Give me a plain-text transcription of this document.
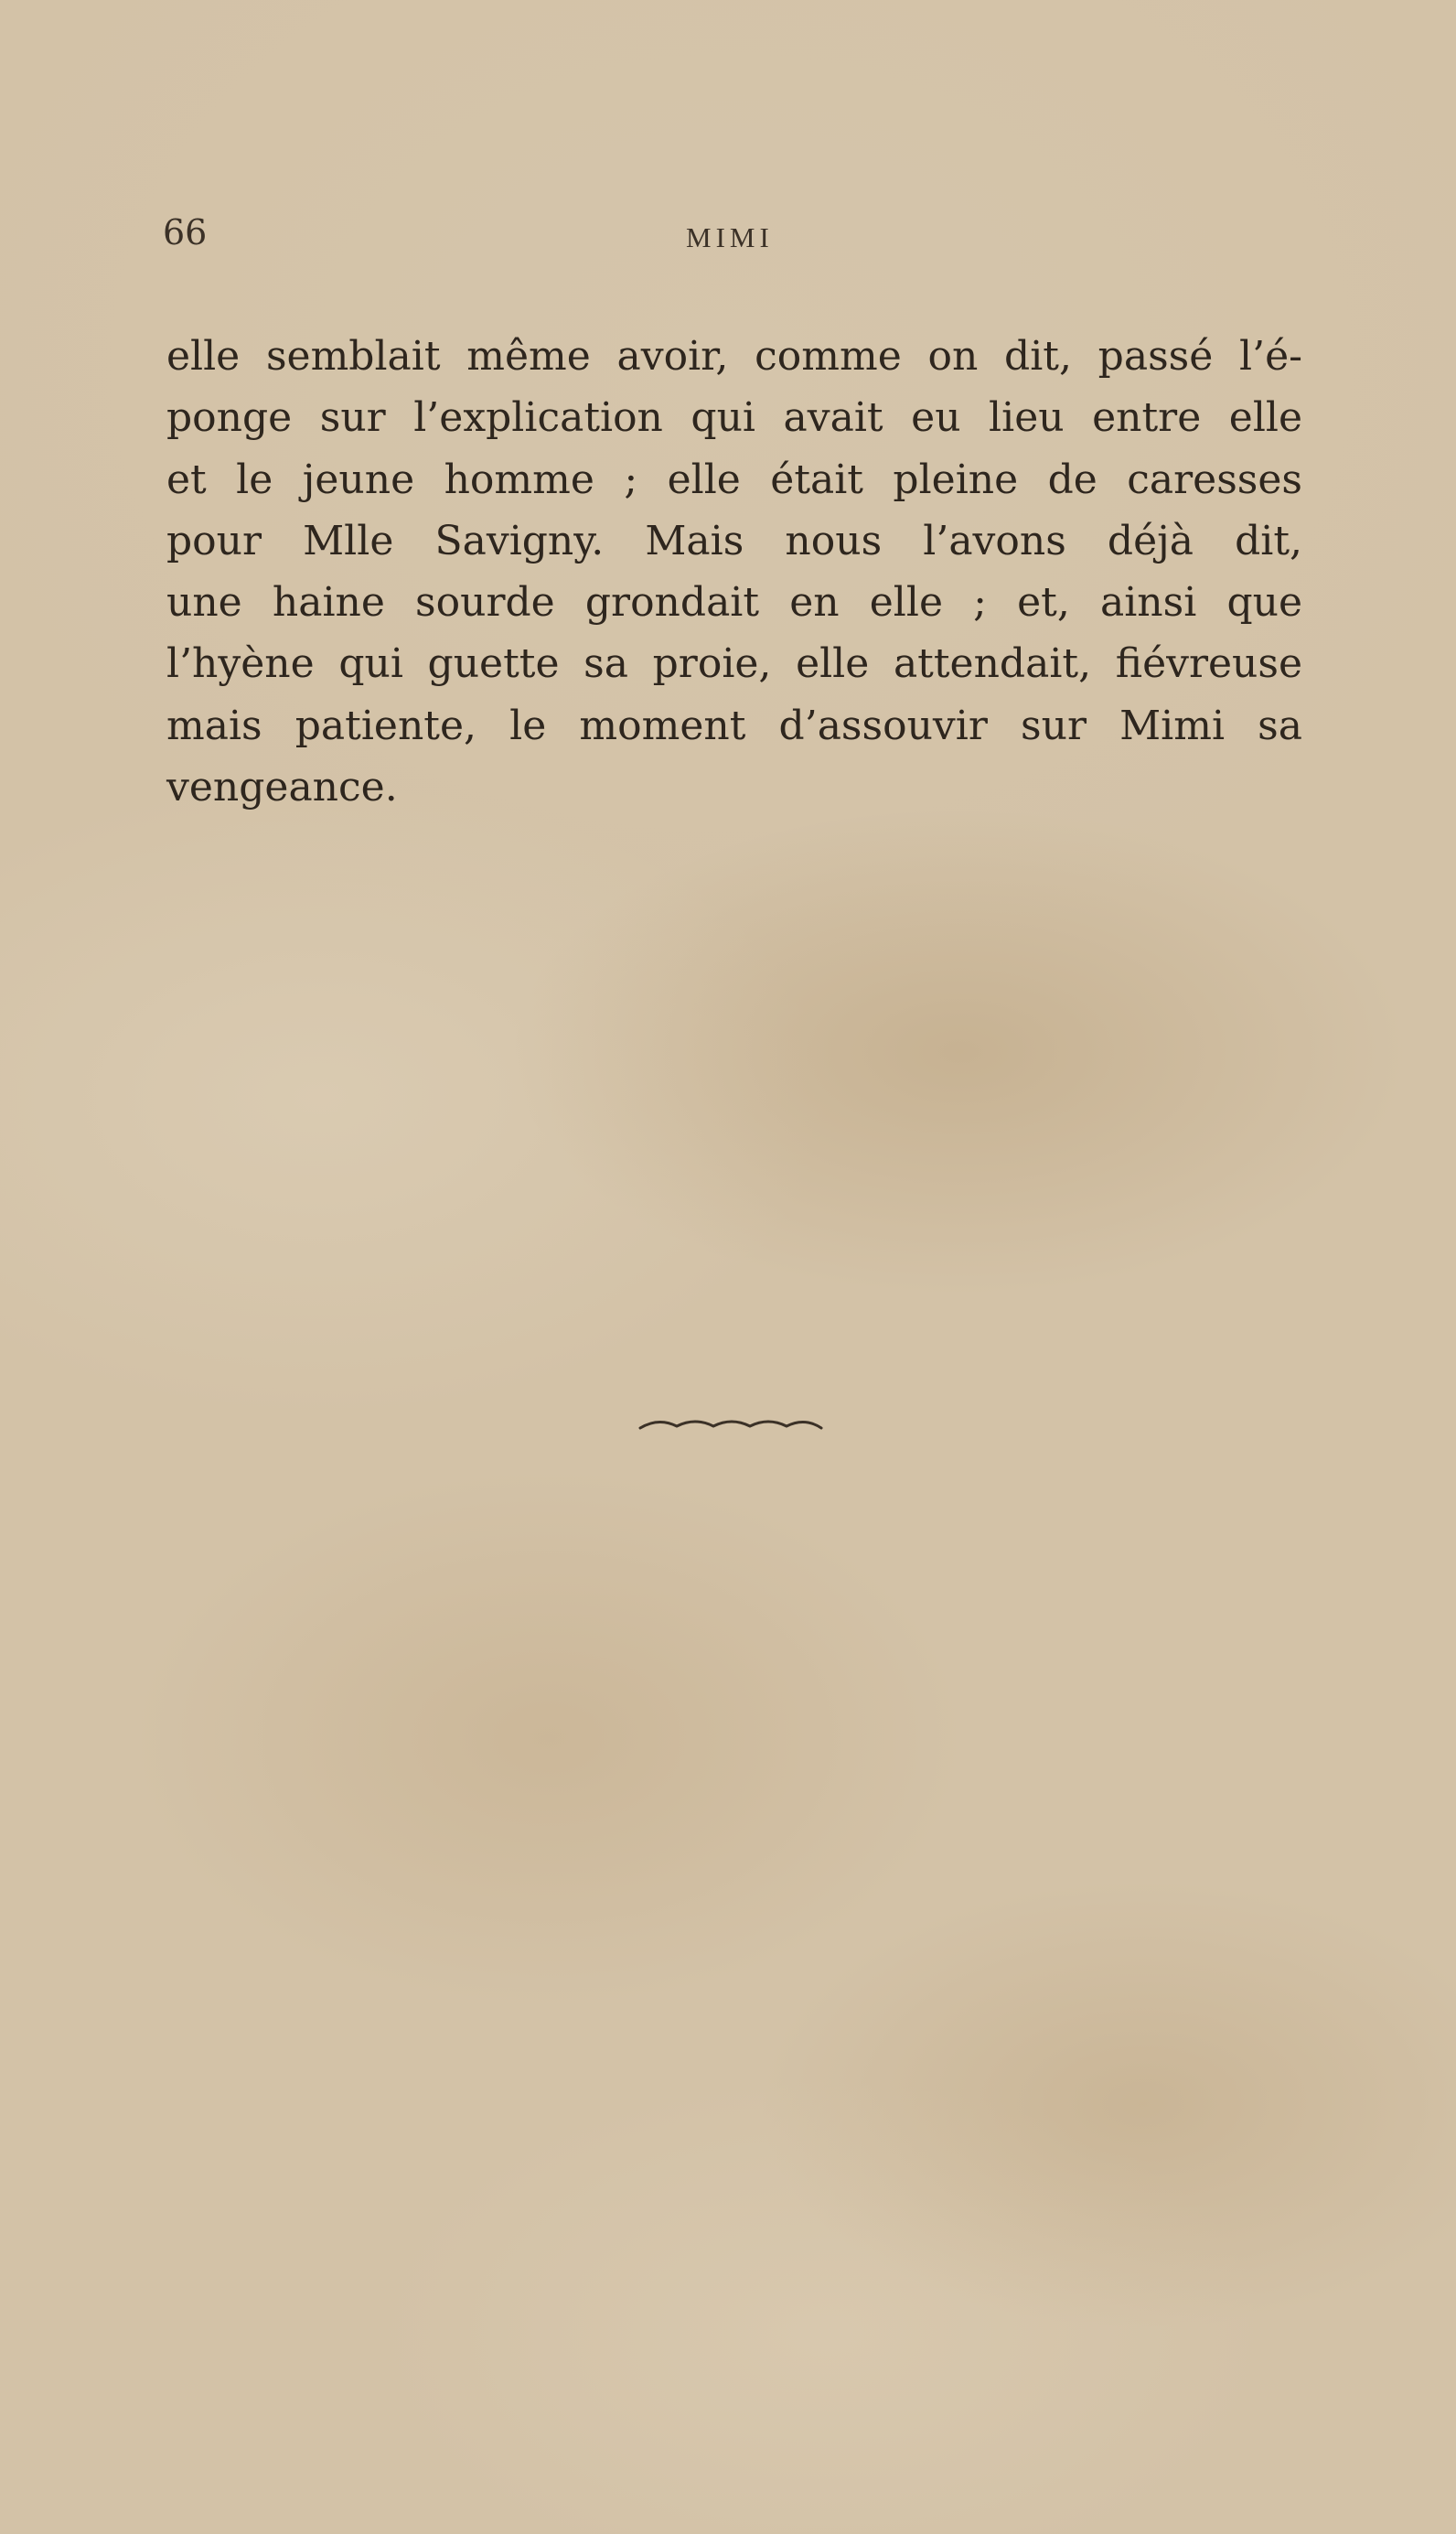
66	MIMI
elle semblait même avoir, comme on dit, passé l’é-
ponge sur l’explication qui avait eu lieu entre elle
et le jeune homme ; elle était pleine de caresses
pour Mlle Savigny. Mais nous l’avons déjà dit,
une haine sourde grondait en elle ; et, ainsi que
l’hyène qui guette sa proie, elle attendait, fiévreuse
mais patiente, le moment d’assouvir sur Mimi sa
vengeance.
